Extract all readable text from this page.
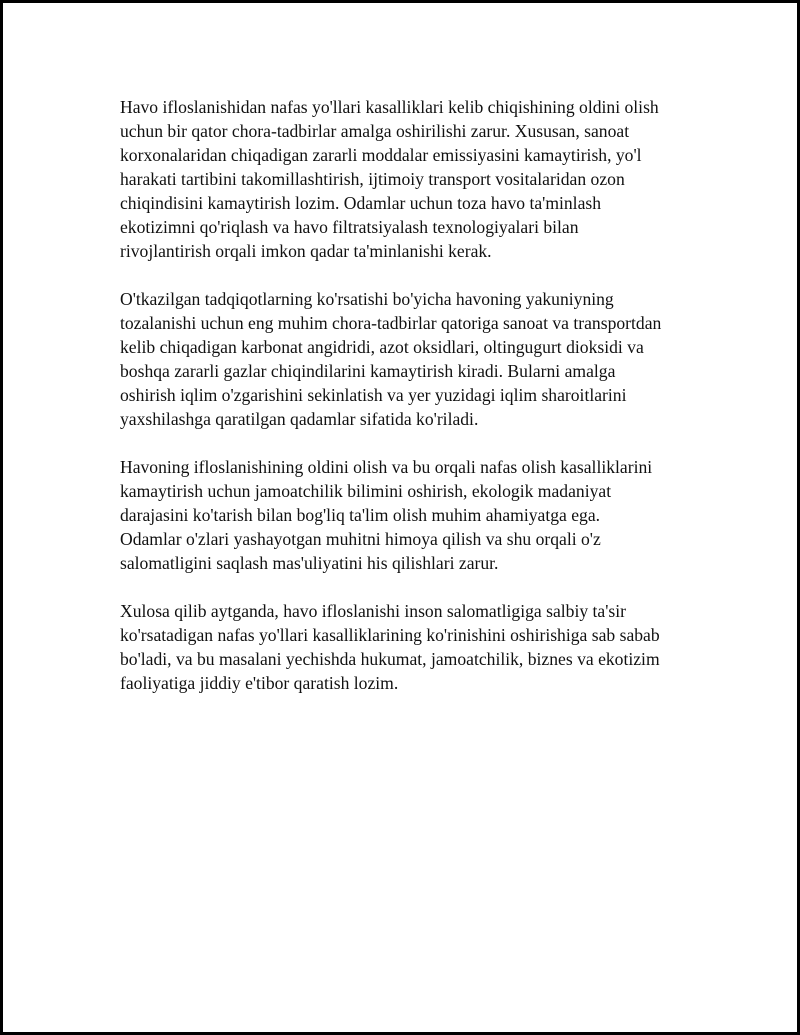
Havo ifloslanishidan nafas yo'llari kasalliklari kelib chiqishining oldini olish
uchun bir qator chora-tadbirlar amalga oshirilishi zarur. Xususan, sanoat
korxonalaridan chiqadigan zararli moddalar emissiyasini kamaytirish, yo'l
harakati tartibini takomillashtirish, ijtimoiy transport vositalaridan ozon
chiqindisini kamaytirish lozim. Odamlar uchun toza havo ta'minlash
ekotizimni qo'riqlash va havo filtratsiyalash texnologiyalari bilan
rivojlantirish orqali imkon qadar ta'minlanishi kerak.

O'tkazilgan tadqiqotlarning ko'rsatishi bo'yicha havoning yakuniyning
tozalanishi uchun eng muhim chora-tadbirlar qatoriga sanoat va transportdan
kelib chiqadigan karbonat angidridi, azot oksidlari, oltingugurt dioksidi va
boshqa zararli gazlar chiqindilarini kamaytirish kiradi. Bularni amalga
oshirish iqlim o'zgarishini sekinlatish va yer yuzidagi iqlim sharoitlarini
yaxshilashga qaratilgan qadamlar sifatida ko'riladi.

Havoning ifloslanishining oldini olish va bu orqali nafas olish kasalliklarini
kamaytirish uchun jamoatchilik bilimini oshirish, ekologik madaniyat
darajasini ko'tarish bilan bog'liq ta'lim olish muhim ahamiyatga ega.
Odamlar o'zlari yashayotgan muhitni himoya qilish va shu orqali o'z
salomatligini saqlash mas'uliyatini his qilishlari zarur.

Xulosa qilib aytganda, havo ifloslanishi inson salomatligiga salbiy ta'sir
ko'rsatadigan nafas yo'llari kasalliklarining ko'rinishini oshirishiga sab sabab
bo'ladi, va bu masalani yechishda hukumat, jamoatchilik, biznes va ekotizim
faoliyatiga jiddiy e'tibor qaratish lozim.
